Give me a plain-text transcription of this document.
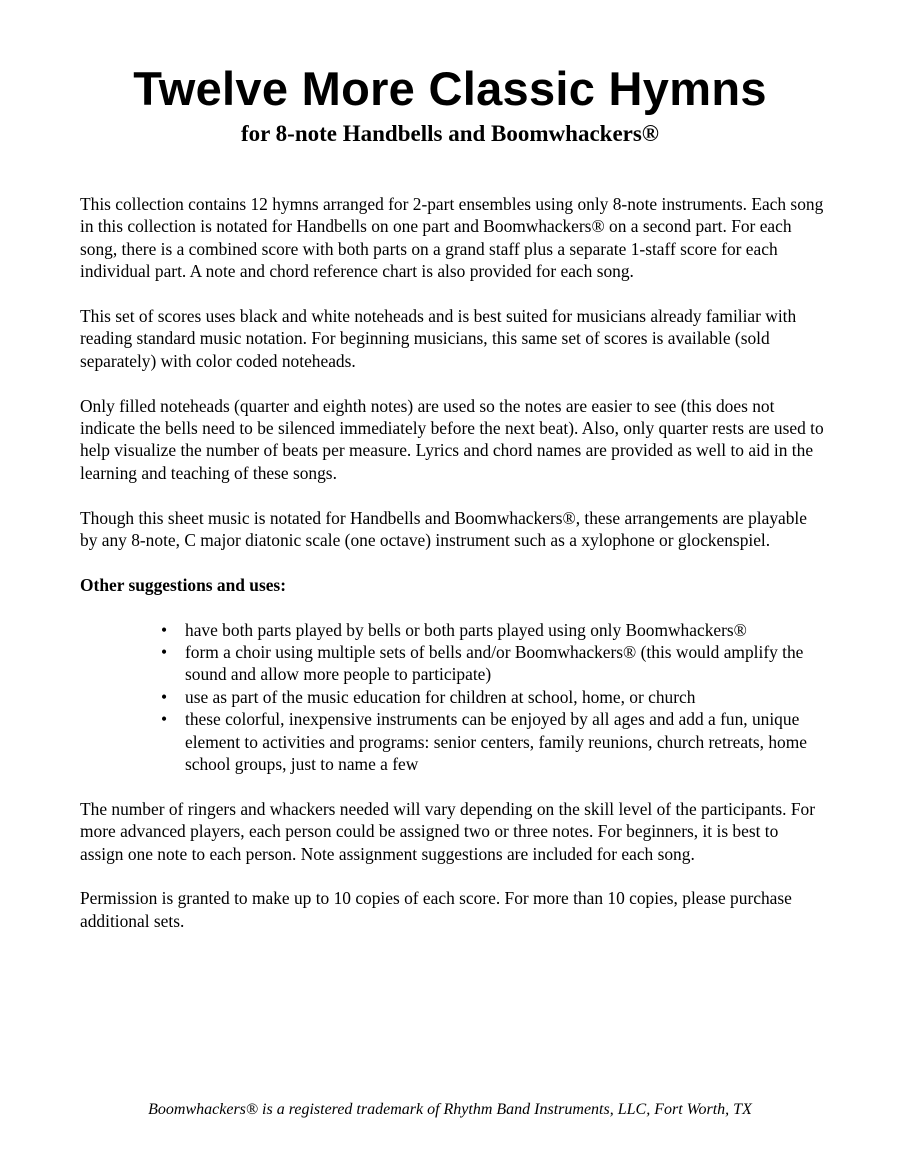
Twelve More Classic Hymns
for 8-note Handbells and Boomwhackers®

This collection contains 12 hymns arranged for 2-part ensembles using only 8-note instruments. Each song in this collection is notated for Handbells on one part and Boomwhackers® on a second part. For each song, there is a combined score with both parts on a grand staff plus a separate 1-staff score for each individual part. A note and chord reference chart is also provided for each song.

This set of scores uses black and white noteheads and is best suited for musicians already familiar with reading standard music notation. For beginning musicians, this same set of scores is available (sold separately) with color coded noteheads.

Only filled noteheads (quarter and eighth notes) are used so the notes are easier to see (this does not indicate the bells need to be silenced immediately before the next beat). Also, only quarter rests are used to help visualize the number of beats per measure. Lyrics and chord names are provided as well to aid in the learning and teaching of these songs.

Though this sheet music is notated for Handbells and Boomwhackers®, these arrangements are playable by any 8-note, C major diatonic scale (one octave) instrument such as a xylophone or glockenspiel.

Other suggestions and uses:

• have both parts played by bells or both parts played using only Boomwhackers®
• form a choir using multiple sets of bells and/or Boomwhackers® (this would amplify the sound and allow more people to participate)
• use as part of the music education for children at school, home, or church
• these colorful, inexpensive instruments can be enjoyed by all ages and add a fun, unique element to activities and programs: senior centers, family reunions, church retreats, home school groups, just to name a few

The number of ringers and whackers needed will vary depending on the skill level of the participants. For more advanced players, each person could be assigned two or three notes. For beginners, it is best to assign one note to each person. Note assignment suggestions are included for each song.

Permission is granted to make up to 10 copies of each score. For more than 10 copies, please purchase additional sets.

Boomwhackers® is a registered trademark of Rhythm Band Instruments, LLC, Fort Worth, TX
